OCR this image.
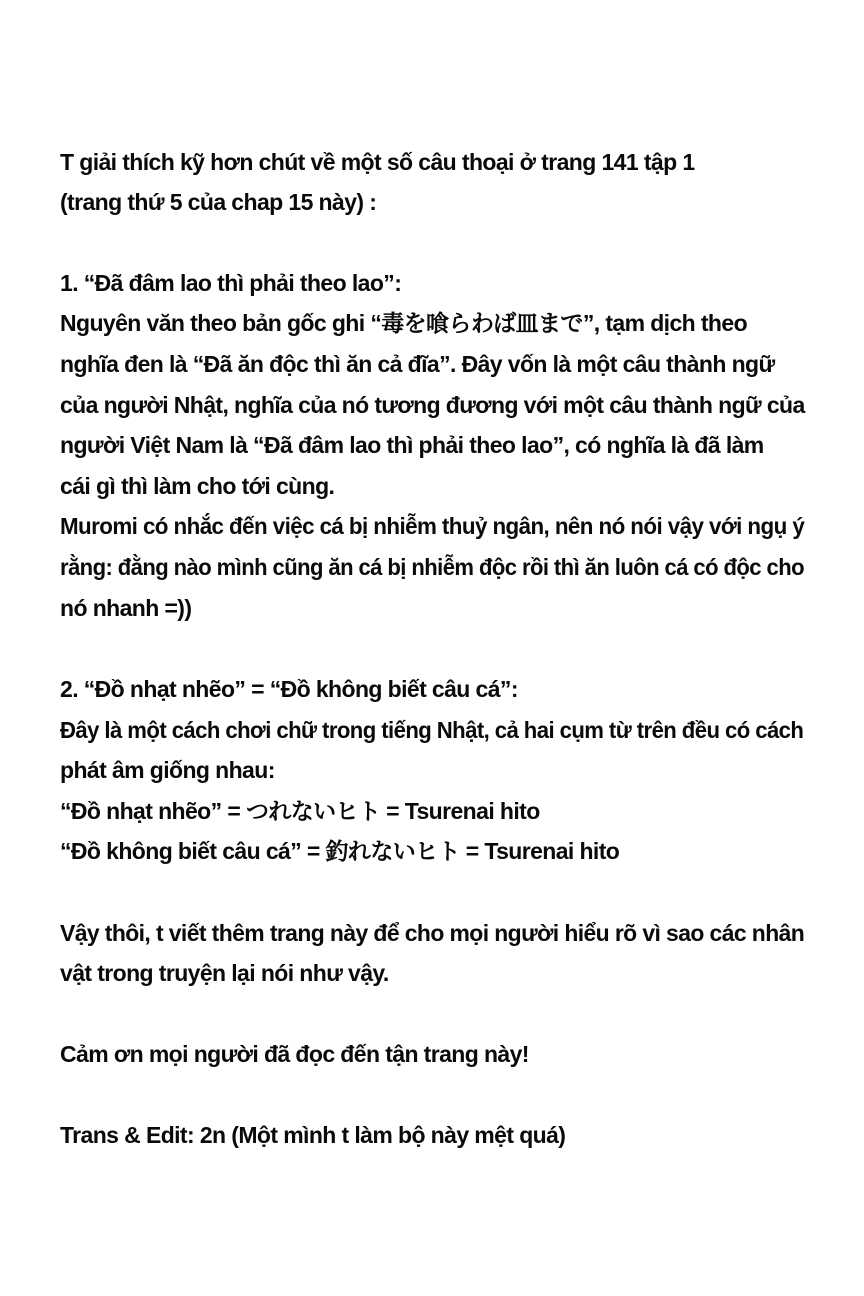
T giải thích kỹ hơn chút về một số câu thoại ở trang 141 tập 1
(trang thứ 5 của chap 15 này) :
1. “Đã đâm lao thì phải theo lao”:
Nguyên văn theo bản gốc ghi “毒を喰らわば皿まで”, tạm dịch theo
nghĩa đen là “Đã ăn độc thì ăn cả đĩa”. Đây vốn là một câu thành ngữ
của người Nhật, nghĩa của nó tương đương với một câu thành ngữ của
người Việt Nam là “Đã đâm lao thì phải theo lao”, có nghĩa là đã làm
cái gì thì làm cho tới cùng.
Muromi có nhắc đến việc cá bị nhiễm thuỷ ngân, nên nó nói vậy với ngụ ý
rằng: đằng nào mình cũng ăn cá bị nhiễm độc rồi thì ăn luôn cá có độc cho
nó nhanh =))
2. “Đồ nhạt nhẽo” = “Đồ không biết câu cá”:
Đây là một cách chơi chữ trong tiếng Nhật, cả hai cụm từ trên đều có cách
phát âm giống nhau:
“Đồ nhạt nhẽo” = つれないヒト = Tsurenai hito
“Đồ không biết câu cá” = 釣れないヒト = Tsurenai hito
Vậy thôi, t viết thêm trang này để cho mọi người hiểu rõ vì sao các nhân
vật trong truyện lại nói như vậy.
Cảm ơn mọi người đã đọc đến tận trang này!
Trans & Edit: 2n (Một mình t làm bộ này mệt quá)
